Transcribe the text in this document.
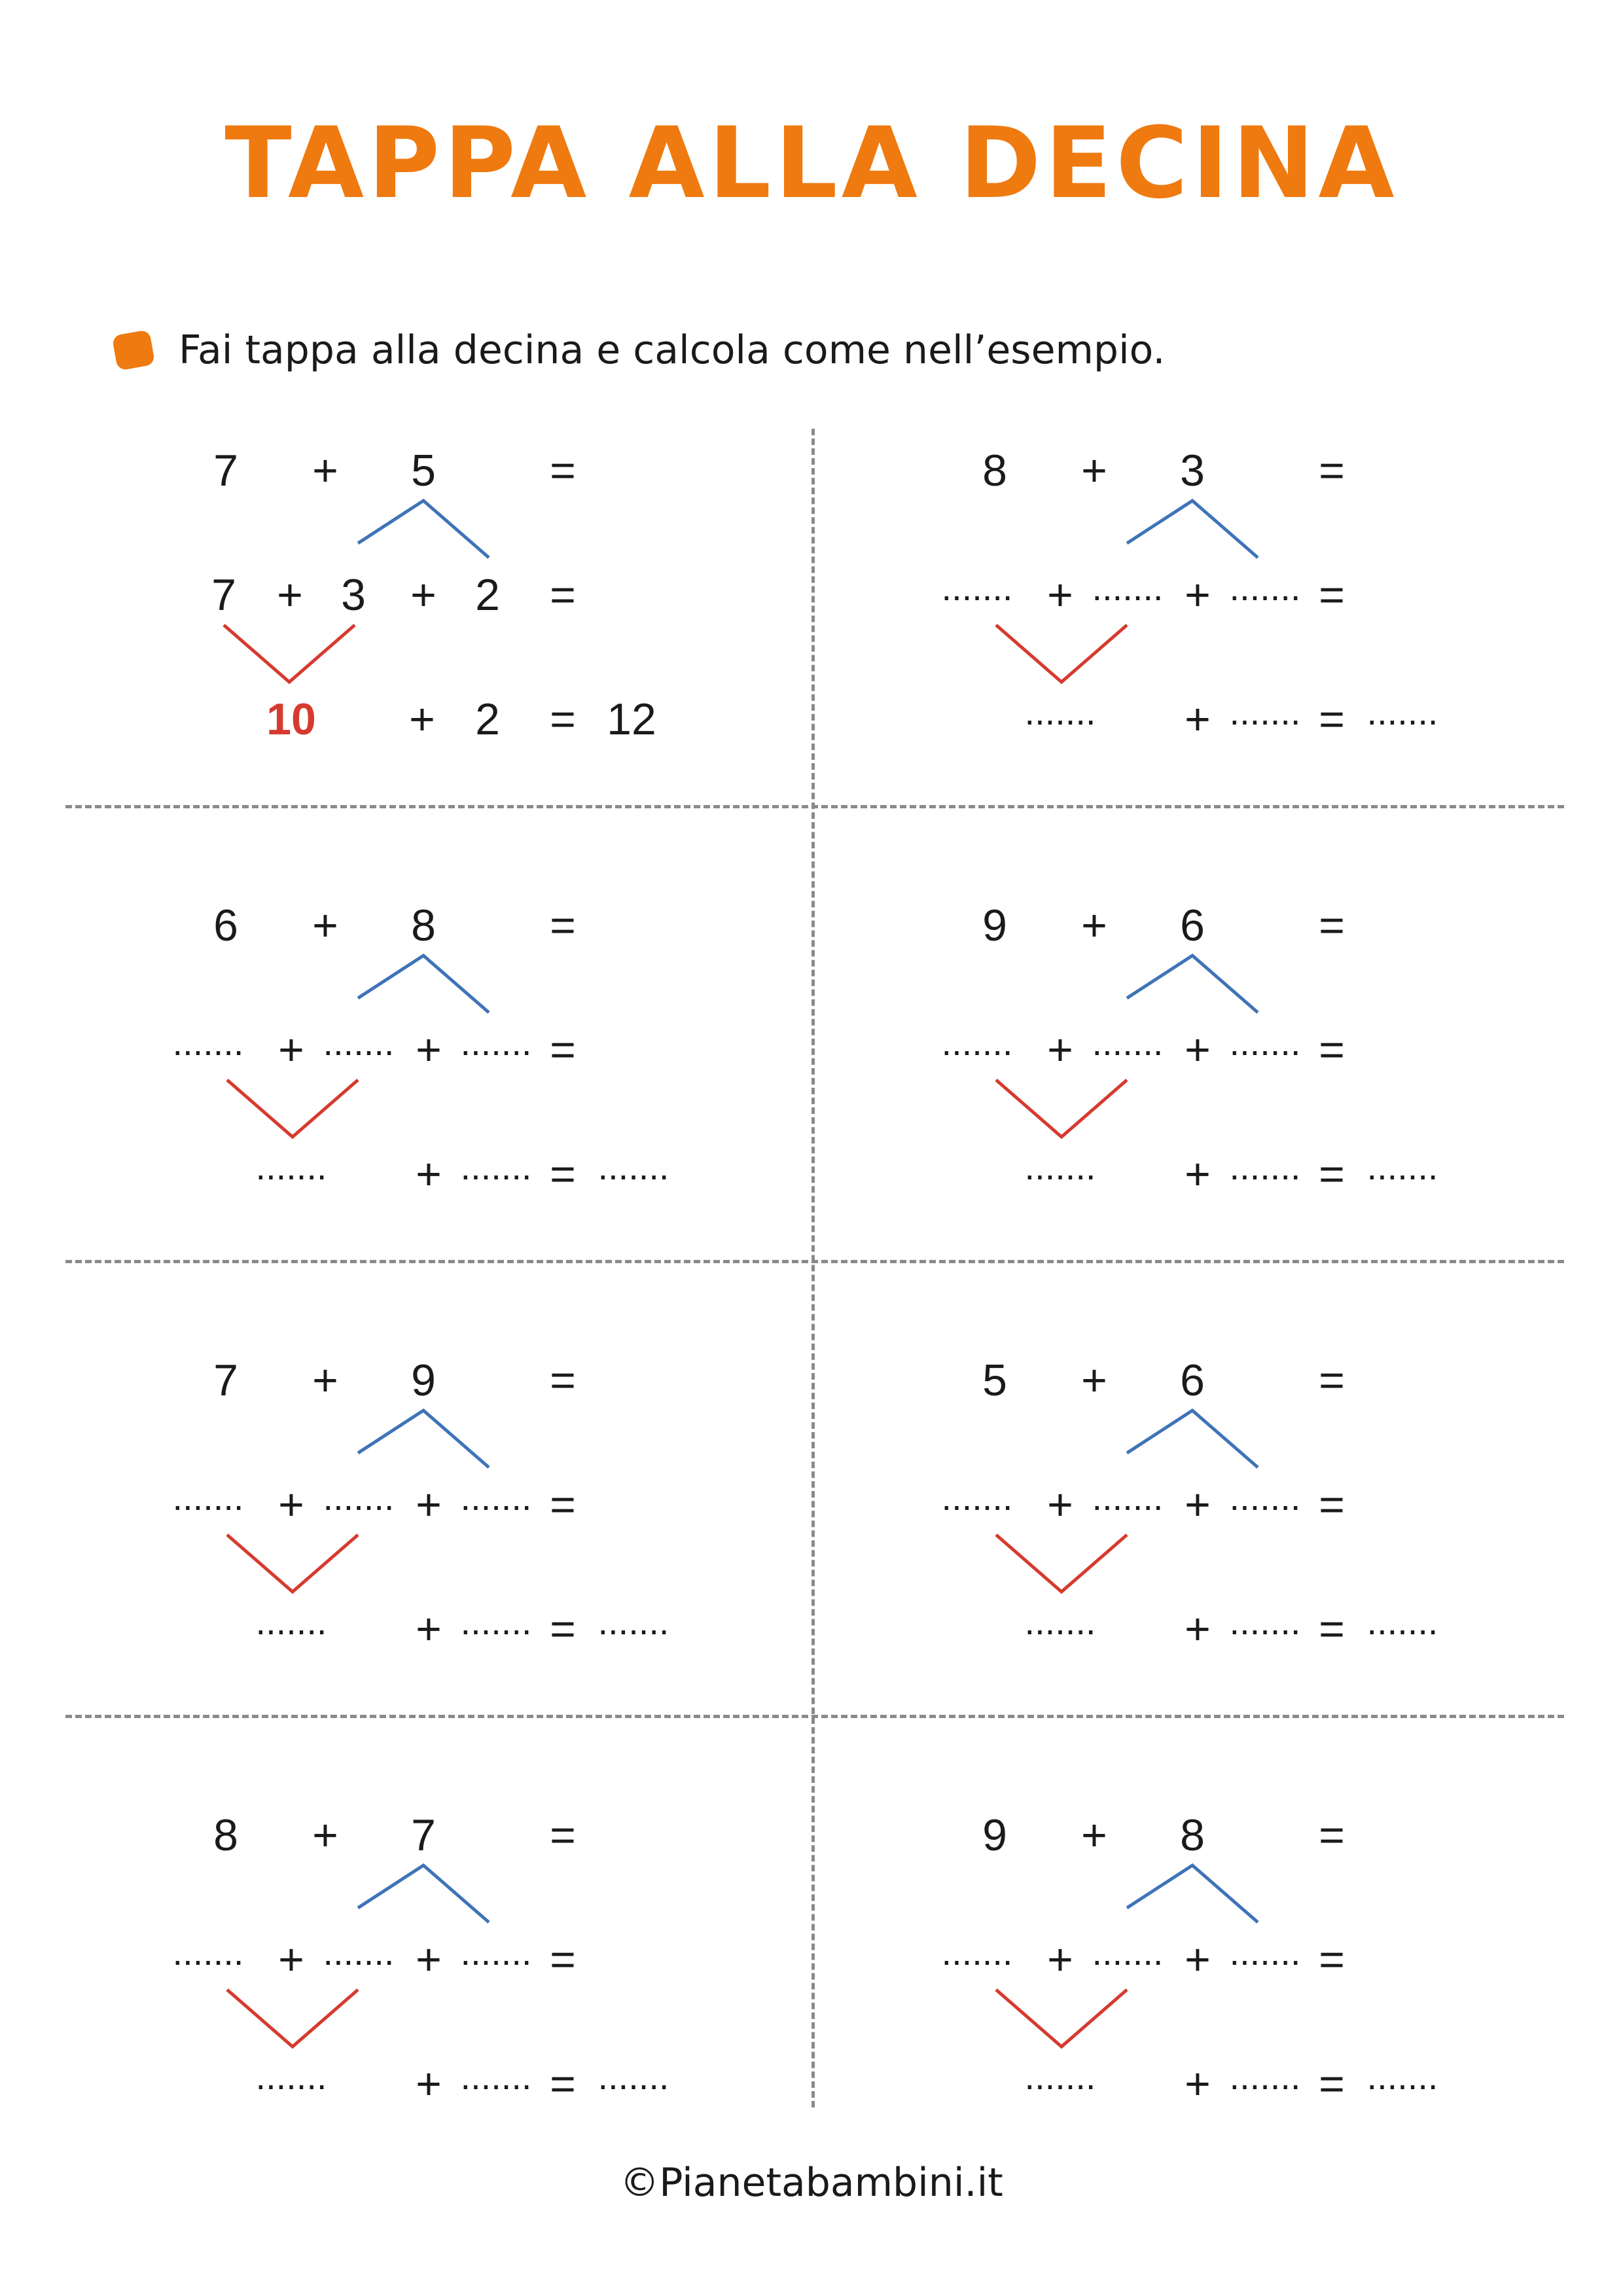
TAPPA ALLA DECINA
Fai tappa alla decina e calcola come nell’esempio.
7 + 5	=
7 + 3 + 2 =
10 + 2 = 12
8 + 3	=
....... + ....... + ....... =
....... + ....... = .......
6 + 8	=
....... + ....... + ....... =
....... + ....... = .......
9 + 6	=
....... + ....... + ....... =
....... + ....... = .......
7 + 9	=
....... + ....... + ....... =
....... + ....... = .......
5 + 6	=
....... + ....... + ....... =
....... + ....... = .......
8 + 7	=
....... + ....... + ....... =
....... + ....... = .......
9 + 8	=
....... + ....... + ....... =
....... + ....... = .......
©Pianetabambini.it
